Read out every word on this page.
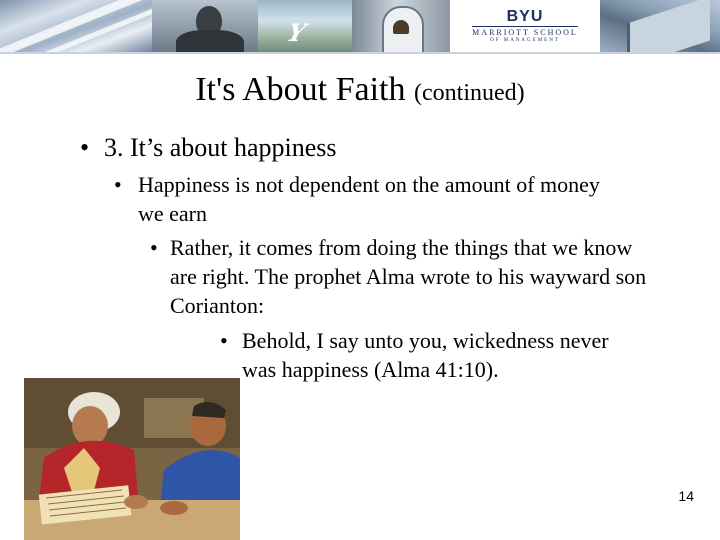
Y
BYU
MARRIOTT SCHOOL
OF MANAGEMENT
It's About Faith (continued)
• 3. It’s about happiness
• Happiness is not dependent on the amount of money we earn
• Rather, it comes from doing the things that we know are right. The prophet Alma wrote to his wayward son Corianton:
• Behold, I say unto you, wickedness never was happiness (Alma 41:10).
14
